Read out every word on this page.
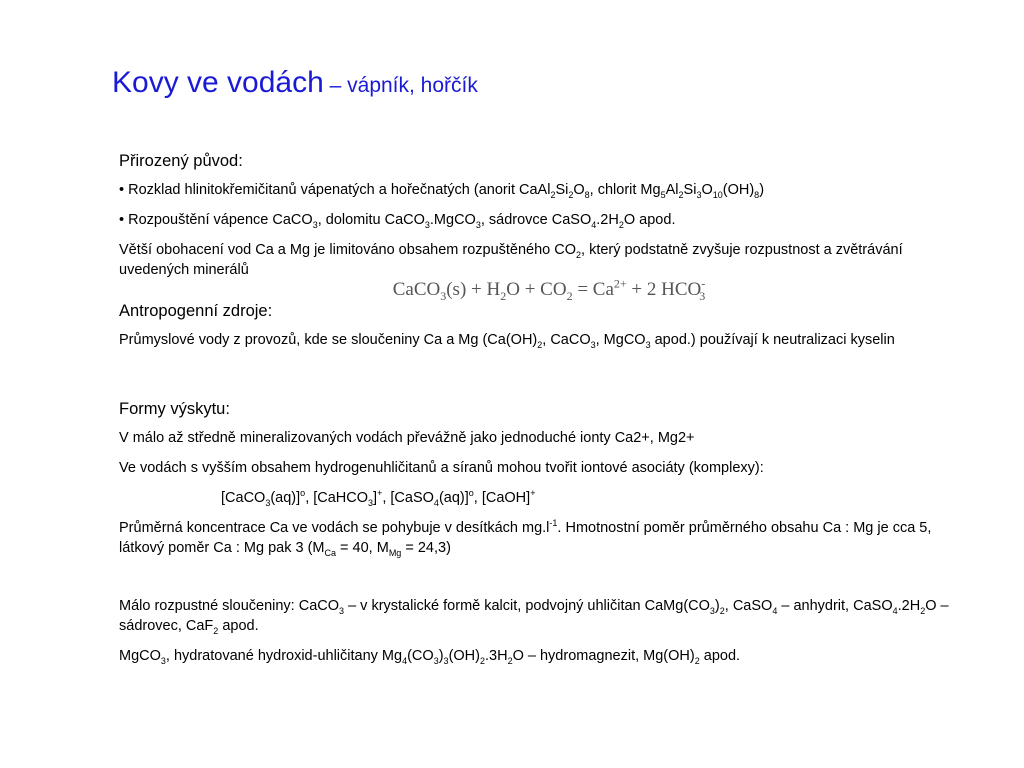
Kovy ve vodách – vápník, hořčík

Přirozený původ:

• Rozklad hlinitokřemičitanů vápenatých a hořečnatých (anorit $CaAl_2Si_2O_8$, chlorit $Mg_5Al_2Si_3O_{10}(OH)_8$)

• Rozpouštění vápence CaCO$_3$, dolomitu CaCO$_3$.MgCO$_3$, sádrovce $CaSO_4.2H_2O$ apod.

Větší obohacení vod Ca a Mg je limitováno obsahem rozpuštěného $CO_2$, který podstatně zvyšuje rozpustnost a zvětrávání uvedených minerálů

CaCO$_3$(s) + $H_2O + CO_2 = Ca^{2+} + 2$ $HCO^-_3$

Antropogenní zdroje:

Průmyslové vody z provozů, kde se sloučeniny Ca a Mg ($Ca(OH)_2$, CaCO$_3$, MgCO$_3$ apod.) používají k neutralizaci kyselin

Formy výskytu:

V málo až středně mineralizovaných vodách převážně jako jednoduché ionty Ca2+, Mg2+

Ve vodách s vyšším obsahem hydrogenuhličitanů a síranů mohou tvořit iontové asociáty (komplexy):

[CaCO$_3$(aq)]$^o$, [CaHCO$_3$]+, [CaSO$_4$(aq)]$^o$, [CaOH]+

Průměrná koncentrace Ca ve vodách se pohybuje v desítkách $mg.l^{-1}$. Hmotnostní poměr průměrného obsahu Ca : Mg je cca 5, látkový poměr Ca : Mg pak 3 ($M_{Ca} = 40$, $M_{Mg} = 24,3$)

Málo rozpustné sloučeniny: CaCO$_3$ – v krystalické formě kalcit, podvojný uhličitan $CaMg(CO_3)_2$, CaSO$_4$ – anhydrit, $CaSO_4.2H_2O$ – sádrovec, CaF$_2$ apod.

MgCO$_3$, hydratované hydroxid-uhličitany $Mg_4(CO_3)_3(OH)_2.3H_2O$ – hydromagnezit, $Mg(OH)_2$ apod.
